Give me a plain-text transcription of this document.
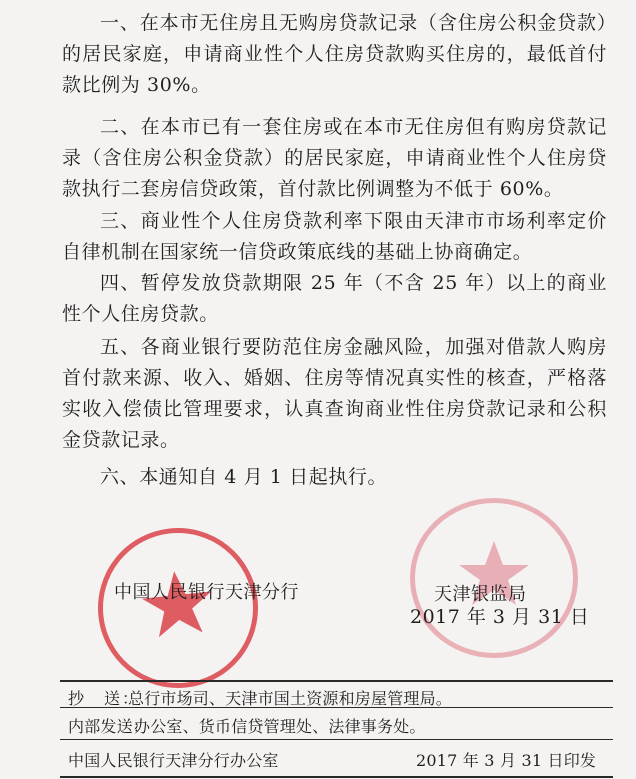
一、在本市无住房且无购房贷款记录（含住房公积金贷款）的居民家庭，申请商业性个人住房贷款购买住房的，最低首付款比例为 30%。

二、在本市已有一套住房或在本市无住房但有购房贷款记录（含住房公积金贷款）的居民家庭，申请商业性个人住房贷款执行二套房信贷政策，首付款比例调整为不低于 60%。

三、商业性个人住房贷款利率下限由天津市市场利率定价自律机制在国家统一信贷政策底线的基础上协商确定。

四、暂停发放贷款期限 25 年（不含 25 年）以上的商业性个人住房贷款。

五、各商业银行要防范住房金融风险，加强对借款人购房首付款来源、收入、婚姻、住房等情况真实性的核查，严格落实收入偿债比管理要求，认真查询商业性住房贷款记录和公积金贷款记录。

六、本通知自 4 月 1 日起执行。

中国人民银行天津分行	天津银监局
2017 年 3 月 31 日
抄　送：
总行市场司、天津市国土资源和房屋管理局。
内部发送：
办公室、货币信贷管理处、法律事务处。
中国人民银行天津分行办公室	2017 年 3 月 31 日印发
